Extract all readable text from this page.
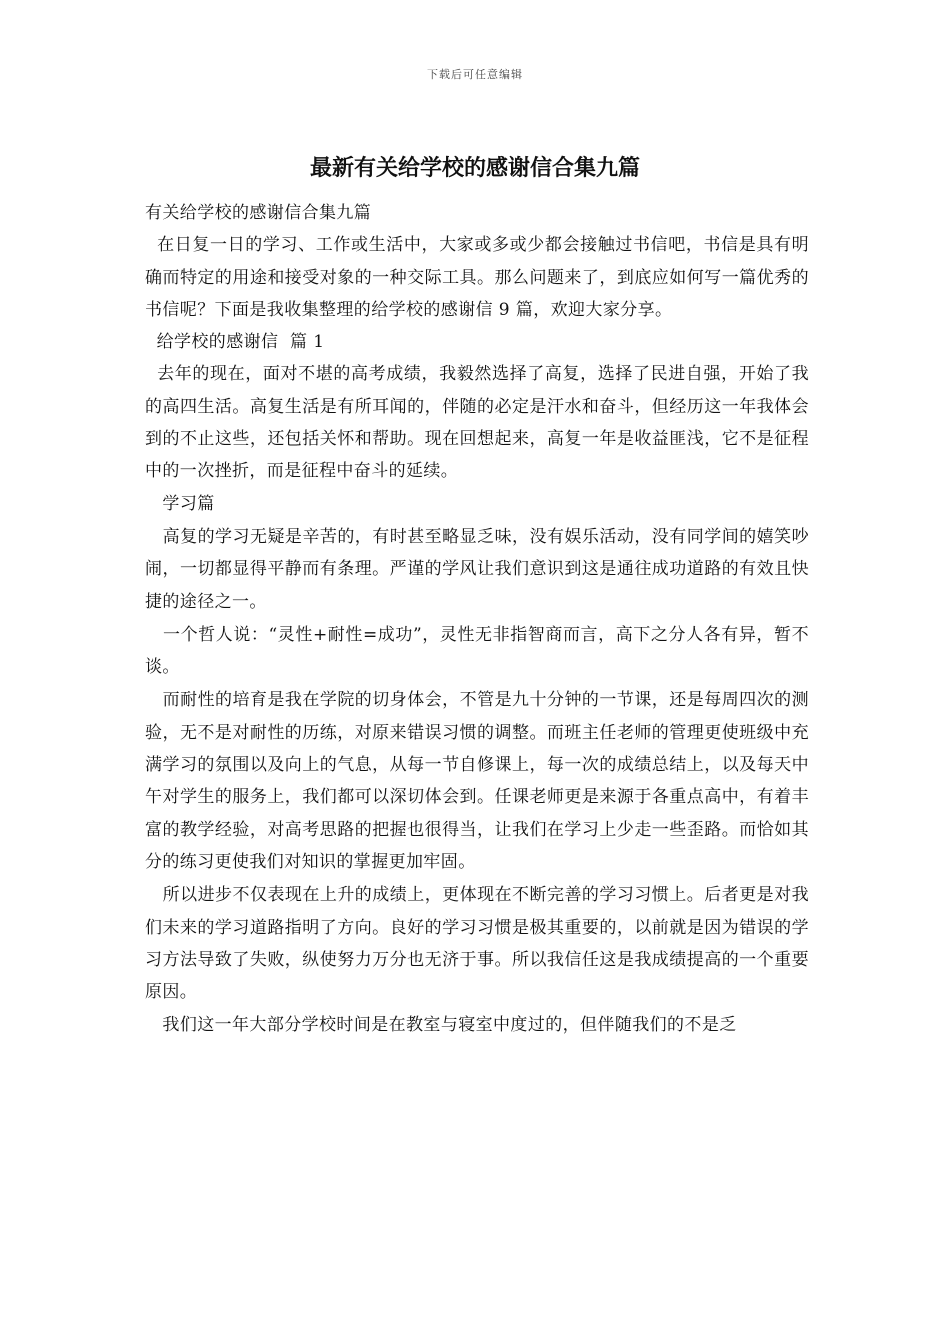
下载后可任意编辑
最新有关给学校的感谢信合集九篇

有关给学校的感谢信合集九篇

在日复一日的学习、工作或生活中，大家或多或少都会接触过书信吧，书信是具有明确而特定的用途和接受对象的一种交际工具。那么问题来了，到底应如何写一篇优秀的书信呢？下面是我收集整理的给学校的感谢信 9 篇，欢迎大家分享。

给学校的感谢信  篇 1

去年的现在，面对不堪的高考成绩，我毅然选择了高复，选择了民进自强，开始了我的高四生活。高复生活是有所耳闻的，伴随的必定是汗水和奋斗，但经历这一年我体会到的不止这些，还包括关怀和帮助。现在回想起来，高复一年是收益匪浅，它不是征程中的一次挫折，而是征程中奋斗的延续。

学习篇

高复的学习无疑是辛苦的，有时甚至略显乏味，没有娱乐活动，没有同学间的嬉笑吵闹，一切都显得平静而有条理。严谨的学风让我们意识到这是通往成功道路的有效且快捷的途径之一。

一个哲人说：“灵性+耐性=成功”，灵性无非指智商而言，高下之分人各有异，暂不谈。

而耐性的培育是我在学院的切身体会，不管是九十分钟的一节课，还是每周四次的测验，无不是对耐性的历练，对原来错误习惯的调整。而班主任老师的管理更使班级中充满学习的氛围以及向上的气息，从每一节自修课上，每一次的成绩总结上，以及每天中午对学生的服务上，我们都可以深切体会到。任课老师更是来源于各重点高中，有着丰富的教学经验，对高考思路的把握也很得当，让我们在学习上少走一些歪路。而恰如其分的练习更使我们对知识的掌握更加牢固。

所以进步不仅表现在上升的成绩上，更体现在不断完善的学习习惯上。后者更是对我们未来的学习道路指明了方向。良好的学习习惯是极其重要的，以前就是因为错误的学习方法导致了失败，纵使努力万分也无济于事。所以我信任这是我成绩提高的一个重要原因。

我们这一年大部分学校时间是在教室与寝室中度过的，但伴随我们的不是乏
